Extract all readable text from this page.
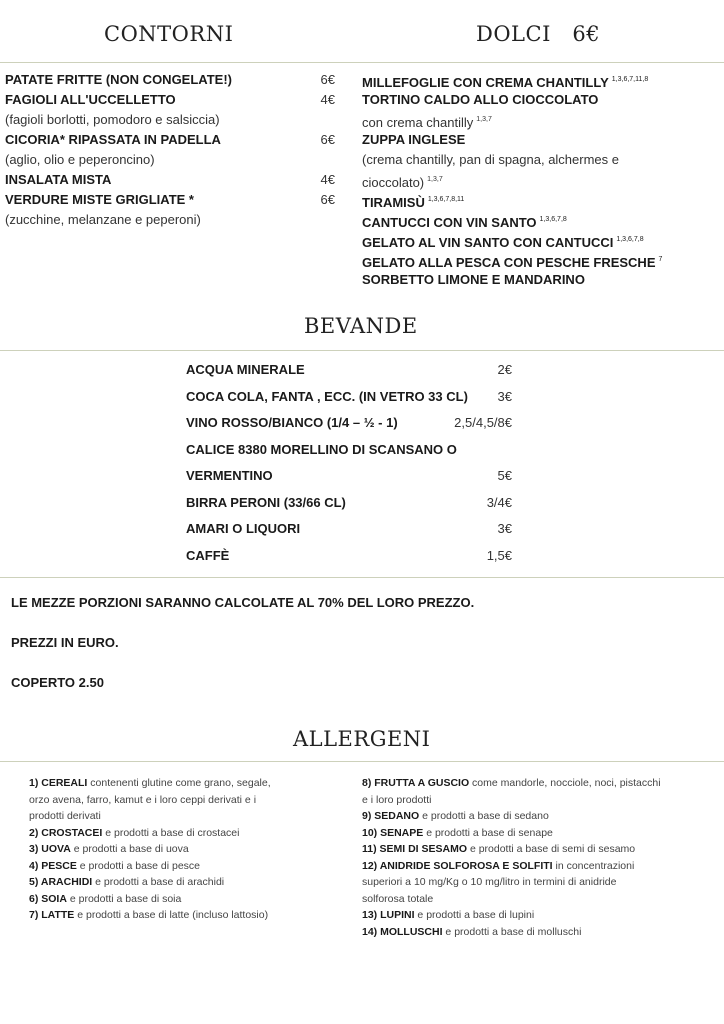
CONTORNI	DOLCI   6€
PATATE FRITTE (NON CONGELATE!)	6€
FAGIOLI ALL'UCCELLETTO	4€
(fagioli borlotti, pomodoro e salsiccia)
CICORIA* RIPASSATA IN PADELLA	6€
(aglio, olio e peperoncino)
INSALATA MISTA	4€
VERDURE MISTE GRIGLIATE *	6€
(zucchine, melanzane e peperoni)
MILLEFOGLIE CON CREMA CHANTILLY $^{1,3,6,7,11,8}$
TORTINO CALDO ALLO CIOCCOLATO
con crema chantilly $^{1,3,7}$
ZUPPA INGLESE
(crema chantilly, pan di spagna, alchermes e
cioccolato) $^{1,3,7}$
TIRAMISÙ $^{1,3,6,7,8,11}$
CANTUCCI CON VIN SANTO $^{1,3,6,7,8}$
GELATO AL VIN SANTO CON CANTUCCI $^{1,3,6,7,8}$
GELATO ALLA PESCA CON PESCHE FRESCHE $^7$
SORBETTO LIMONE E MANDARINO
BEVANDE
ACQUA MINERALE	2€
COCA COLA, FANTA , ECC. (IN VETRO 33 CL) 3€
VINO ROSSO/BIANCO (1/4 – ½ - 1)	2,5/4,5/8€
CALICE 8380 MORELLINO DI SCANSANO O
VERMENTINO	5€
BIRRA PERONI (33/66 CL)	3/4€
AMARI O LIQUORI	3€
CAFFÈ	1,5€
LE MEZZE PORZIONI SARANNO CALCOLATE AL 70% DEL LORO PREZZO.
PREZZI IN EURO.
COPERTO 2.50
ALLERGENI
1) CEREALI contenenti glutine come grano, segale,
orzo avena, farro, kamut e i loro ceppi derivati e i
prodotti derivati
2) CROSTACEI e prodotti a base di crostacei
3) UOVA e prodotti a base di uova
4) PESCE e prodotti a base di pesce
5) ARACHIDI e prodotti a base di arachidi
6) SOIA e prodotti a base di soia
7) LATTE e prodotti a base di latte (incluso lattosio)
8) FRUTTA A GUSCIO come mandorle, nocciole, noci, pistacchi
e i loro prodotti
9) SEDANO e prodotti a base di sedano
10) SENAPE e prodotti a base di senape
11) SEMI DI SESAMO e prodotti a base di semi di sesamo
12) ANIDRIDE SOLFOROSA E SOLFITI in concentrazioni
superiori a 10 mg/Kg o 10 mg/litro in termini di anidride
solforosa totale
13) LUPINI e prodotti a base di lupini
14) MOLLUSCHI e prodotti a base di molluschi
